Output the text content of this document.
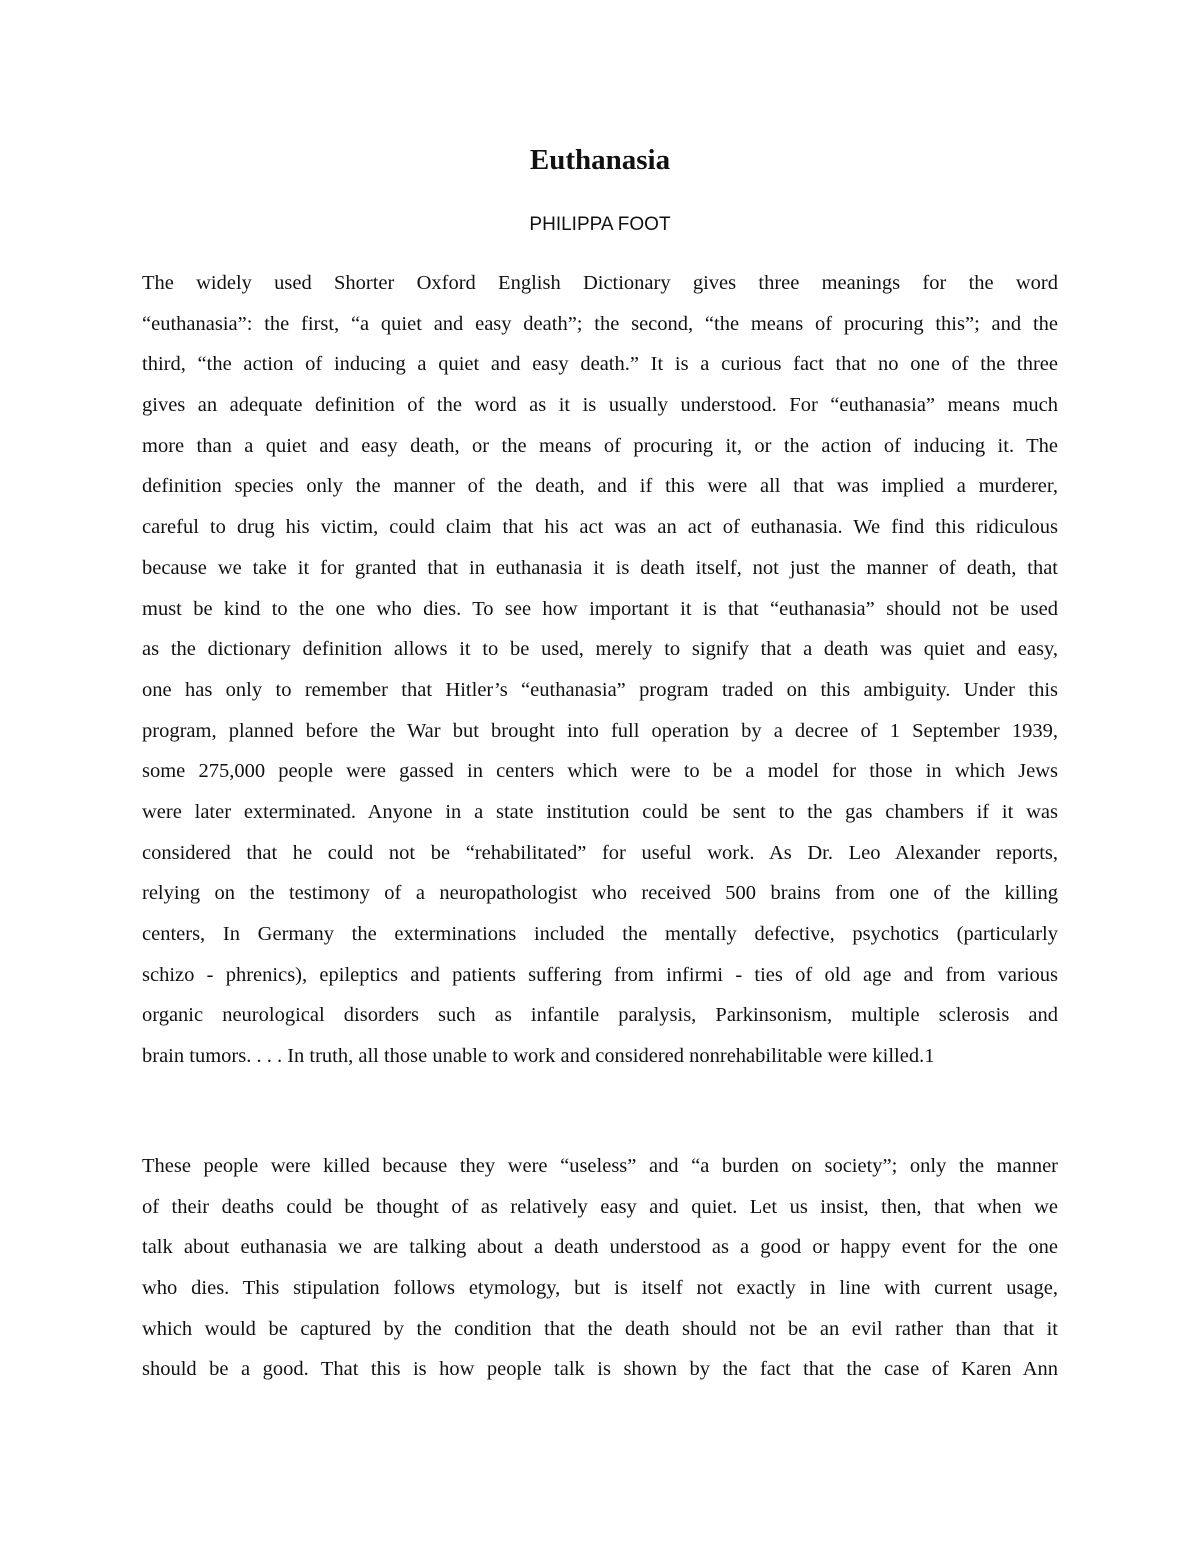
Euthanasia
PHILIPPA FOOT
The widely used Shorter Oxford English Dictionary gives three meanings for the word
“euthanasia”: the first, “a quiet and easy death”; the second, “the means of procuring this”; and the
third, “the action of inducing a quiet and easy death.” It is a curious fact that no one of the three
gives an adequate definition of the word as it is usually understood. For “euthanasia” means much
more than a quiet and easy death, or the means of procuring it, or the action of inducing it. The
definition species only the manner of the death, and if this were all that was implied a murderer,
careful to drug his victim, could claim that his act was an act of euthanasia. We find this ridiculous
because we take it for granted that in euthanasia it is death itself, not just the manner of death, that
must be kind to the one who dies. To see how important it is that “euthanasia” should not be used
as the dictionary definition allows it to be used, merely to signify that a death was quiet and easy,
one has only to remember that Hitler’s “euthanasia” program traded on this ambiguity. Under this
program, planned before the War but brought into full operation by a decree of 1 September 1939,
some 275,000 people were gassed in centers which were to be a model for those in which Jews
were later exterminated. Anyone in a state institution could be sent to the gas chambers if it was
considered that he could not be “rehabilitated” for useful work. As Dr. Leo Alexander reports,
relying on the testimony of a neuropathologist who received 500 brains from one of the killing
centers, In Germany the exterminations included the mentally defective, psychotics (particularly
schizo - phrenics), epileptics and patients suffering from infirmi - ties of old age and from various
organic neurological disorders such as infantile paralysis, Parkinsonism, multiple sclerosis and
brain tumors. . . . In truth, all those unable to work and considered nonrehabilitable were killed.1
These people were killed because they were “useless” and “a burden on society”; only the manner
of their deaths could be thought of as relatively easy and quiet. Let us insist, then, that when we
talk about euthanasia we are talking about a death understood as a good or happy event for the one
who dies. This stipulation follows etymology, but is itself not exactly in line with current usage,
which would be captured by the condition that the death should not be an evil rather than that it
should be a good. That this is how people talk is shown by the fact that the case of Karen Ann
